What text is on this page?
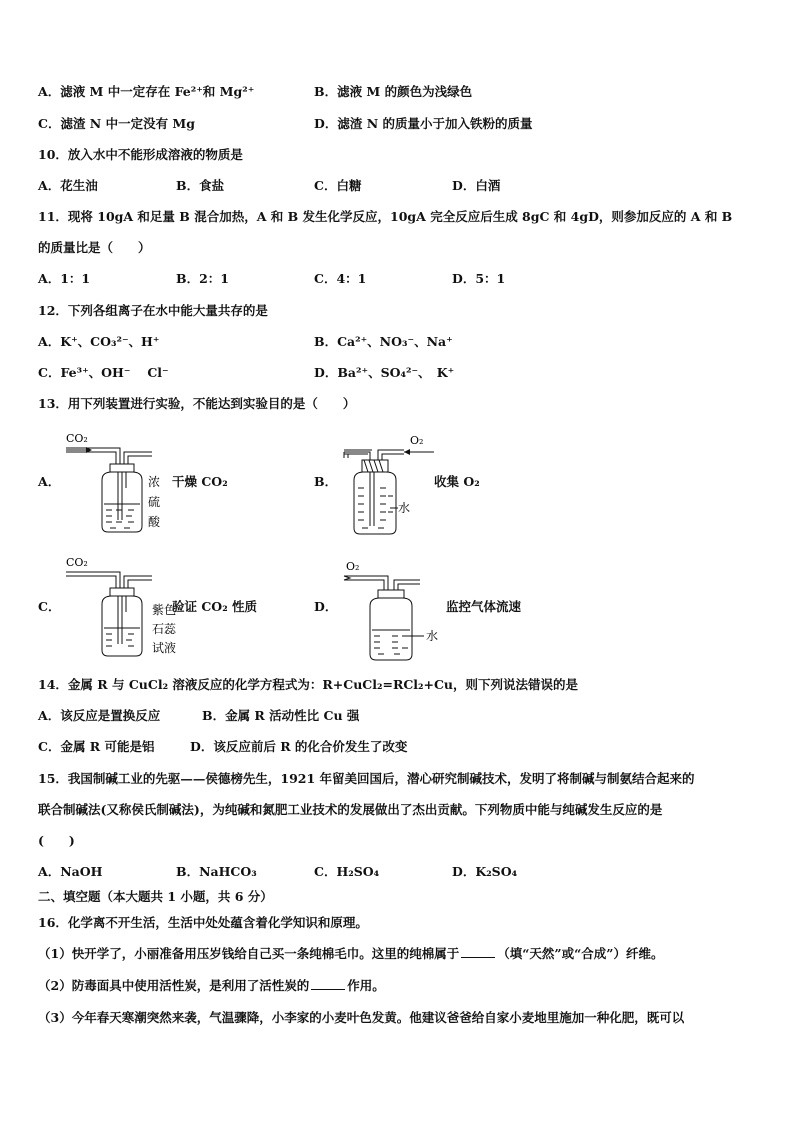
A．滤液 M 中一定存在 Fe²⁺和 Mg²⁺	B．滤液 M 的颜色为浅绿色
C．滤渣 N 中一定没有 Mg	D．滤渣 N 的质量小于加入铁粉的质量
10．放入水中不能形成溶液的物质是
A．花生油	B．食盐	C．白糖	D．白酒
11．现将 10gA 和足量 B 混合加热，A 和 B 发生化学反应，10gA 完全反应后生成 8gC 和 4gD，则参加反应的 A 和 B
的质量比是（　　）
A．1：1	B．2：1	C．4：1	D．5：1
12．下列各组离子在水中能大量共存的是
A．K⁺、CO₃²⁻、H⁺	B．Ca²⁺、NO₃⁻、Na⁺
C．Fe³⁺、OH⁻　 Cl⁻	D．Ba²⁺、SO₄²⁻、　K⁺
13．用下列装置进行实验，不能达到实验目的是（　　）
A．
CO₂
浓
硫
酸
干燥 CO₂	B．
O₂
水
收集 O₂
C．
CO₂
紫色
石蕊
试液
验证 CO₂ 性质	D．
O₂
水
监控气体流速
14．金属 R 与 CuCl₂ 溶液反应的化学方程式为：R+CuCl₂=RCl₂+Cu，则下列说法错误的是
A．该反应是置换反应	B．金属 R 活动性比 Cu 强
C．金属 R 可能是铝	D．该反应前后 R 的化合价发生了改变
15．我国制碱工业的先驱——侯德榜先生，1921 年留美回国后，潜心研究制碱技术，发明了将制碱与制氨结合起来的
联合制碱法(又称侯氏制碱法)，为纯碱和氮肥工业技术的发展做出了杰出贡献。下列物质中能与纯碱发生反应的是
(　　)
A．NaOH	B．NaHCO₃	C．H₂SO₄	D．K₂SO₄
二、填空题（本大题共 1 小题，共 6 分）
16．化学离不开生活，生活中处处蕴含着化学知识和原理。
（1）快开学了，小丽准备用压岁钱给自己买一条纯棉毛巾。这里的纯棉属于	（填“天然”或“合成”）纤维。
（2）防毒面具中使用活性炭，是利用了活性炭的	作用。
（3）今年春天寒潮突然来袭，气温骤降，小李家的小麦叶色发黄。他建议爸爸给自家小麦地里施加一种化肥，既可以
